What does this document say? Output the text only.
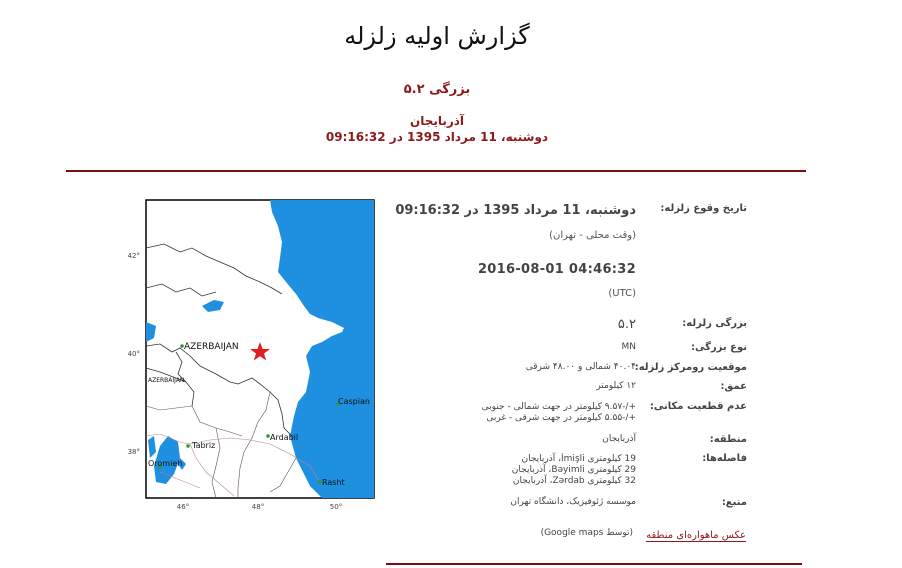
گزارش اولیه زلزله
۵.۲ بزرگی
آذربایجان
دوشنبه، 11 مرداد 1395 در 09:16:32
42°
40°
38°
46°	48°	50°
AZERBAIJAN
AZERBAIJAN
Caspian
Tabriz
Ardabil
Rasht
Oromieh
تاریخ وقوع زلزله:
دوشنبه، 11 مرداد 1395 در 09:16:32
(وقت محلی - تهران)
2016-08-01 04:46:32
(UTC)
بزرگی زلزله:
۵.۲
نوع بزرگی:
MN
موقعیت رومرکز زلزله:
۴۰.۰۴ شمالی و ۴۸.۰۰ شرقی
عمق:
۱۲ کیلومتر
عدم قطعیت مکانی:
+/-۹.۵۷ کیلومتر در جهت شمالی - جنوبی
+/-۵.۵۵ کیلومتر در جهت شرقی - غربی
منطقه:
آذربایجان
فاصله‌ها:
19 کیلومتری İmişli، آذربایجان
29 کیلومتری Bəyimli، آذربایجان
32 کیلومتری Zərdab، آذربایجان
منبع:
موسسه ژئوفیزیک، دانشگاه تهران
عکس ماهواره‌ای منطقه
(توسط Google maps)
